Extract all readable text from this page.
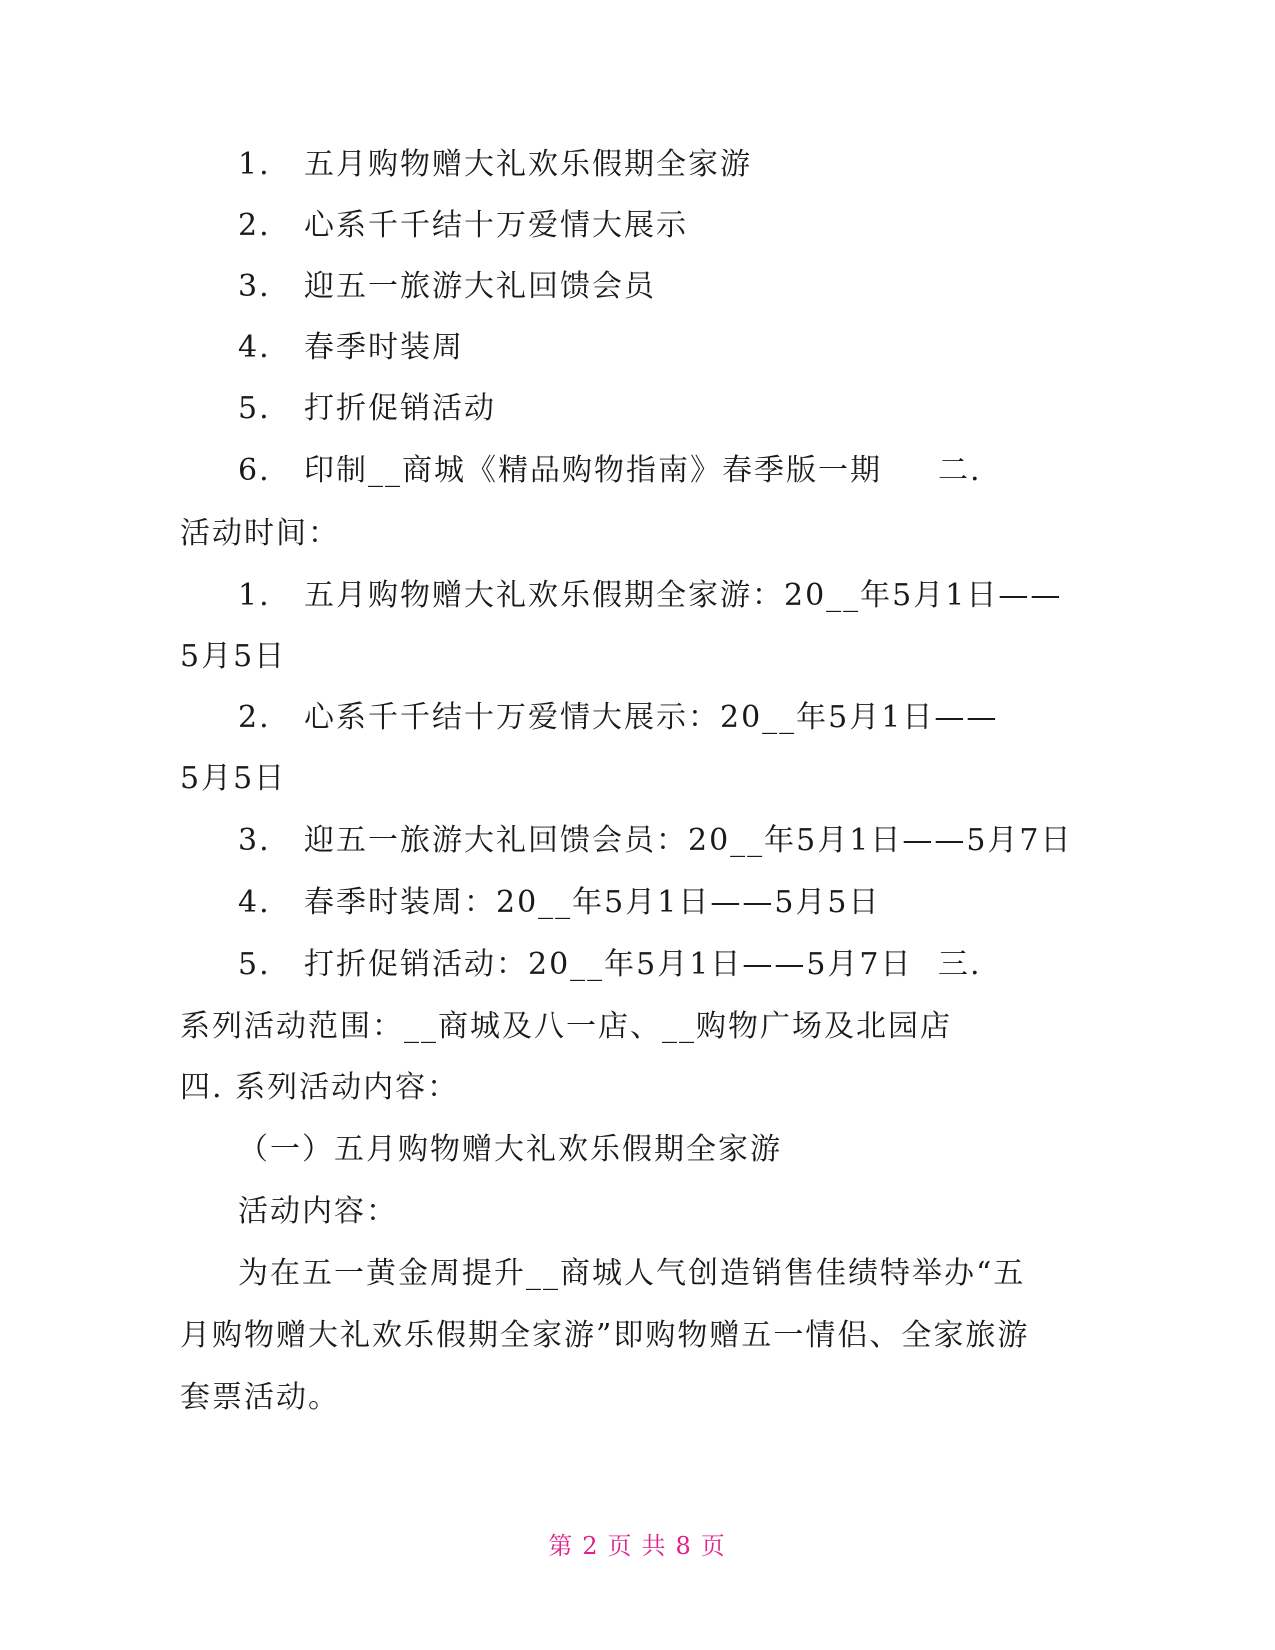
1. 五月购物赠大礼欢乐假期全家游
2. 心系千千结十万爱情大展示
3. 迎五一旅游大礼回馈会员
4. 春季时装周
5. 打折促销活动
6. 印制__商城《精品购物指南》春季版一期 二.
活动时间：
1. 五月购物赠大礼欢乐假期全家游：20__年5月1日——
5月5日
2. 心系千千结十万爱情大展示：20__年5月1日——
5月5日
3. 迎五一旅游大礼回馈会员：20__年5月1日——5月7日
4. 春季时装周：20__年5月1日——5月5日
5. 打折促销活动：20__年5月1日——5月7日 三.
系列活动范围：__商城及八一店、__购物广场及北园店
四. 系列活动内容：
（一）五月购物赠大礼欢乐假期全家游
活动内容：
为在五一黄金周提升__商城人气创造销售佳绩特举办“五
月购物赠大礼欢乐假期全家游”即购物赠五一情侣、全家旅游
套票活动。
第 2 页 共 8 页
